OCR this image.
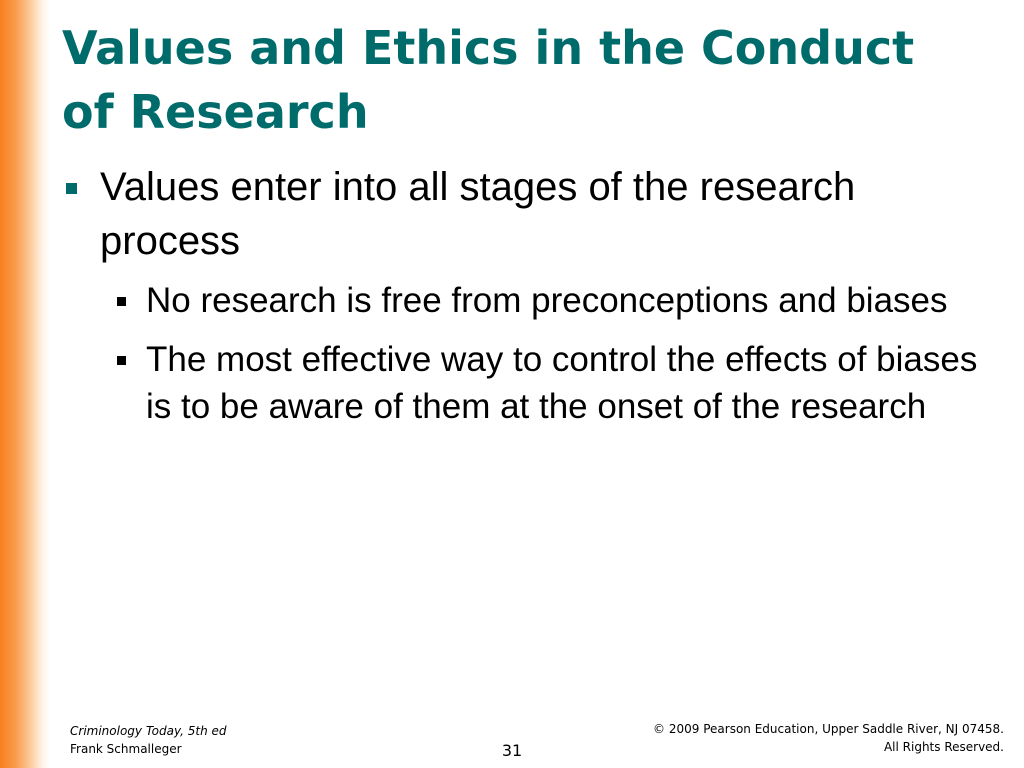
Values and Ethics in the Conduct of Research
Values enter into all stages of the research process
No research is free from preconceptions and biases
The most effective way to control the effects of biases is to be aware of them at the onset of the research
Criminology Today, 5th ed
Frank Schmalleger	31
© 2009 Pearson Education, Upper Saddle River, NJ 07458.
All Rights Reserved.
